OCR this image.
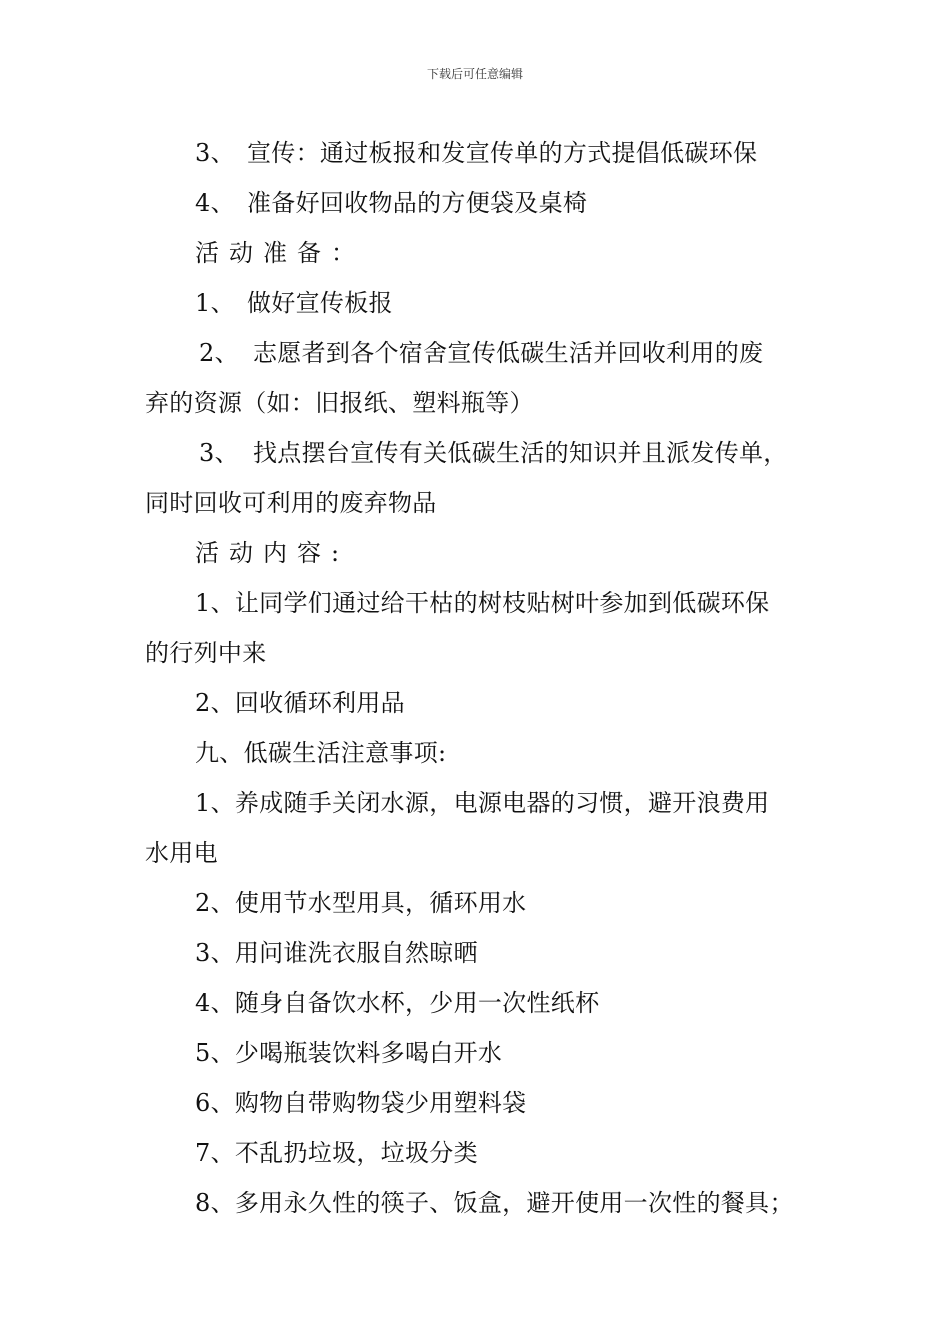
下载后可任意编辑
3、 宣传：通过板报和发宣传单的方式提倡低碳环保
4、 准备好回收物品的方便袋及桌椅
活动准备：
1、 做好宣传板报
2、 志愿者到各个宿舍宣传低碳生活并回收利用的废
弃的资源（如：旧报纸、塑料瓶等）
3、 找点摆台宣传有关低碳生活的知识并且派发传单，
同时回收可利用的废弃物品
活动内容:
1、让同学们通过给干枯的树枝贴树叶参加到低碳环保
的行列中来
2、回收循环利用品
九、低碳生活注意事项:
1、养成随手关闭水源，电源电器的习惯，避开浪费用
水用电
2、使用节水型用具，循环用水
3、用问谁洗衣服自然晾晒
4、随身自备饮水杯，少用一次性纸杯
5、少喝瓶装饮料多喝白开水
6、购物自带购物袋少用塑料袋
7、不乱扔垃圾，垃圾分类
8、多用永久性的筷子、饭盒，避开使用一次性的餐具；
